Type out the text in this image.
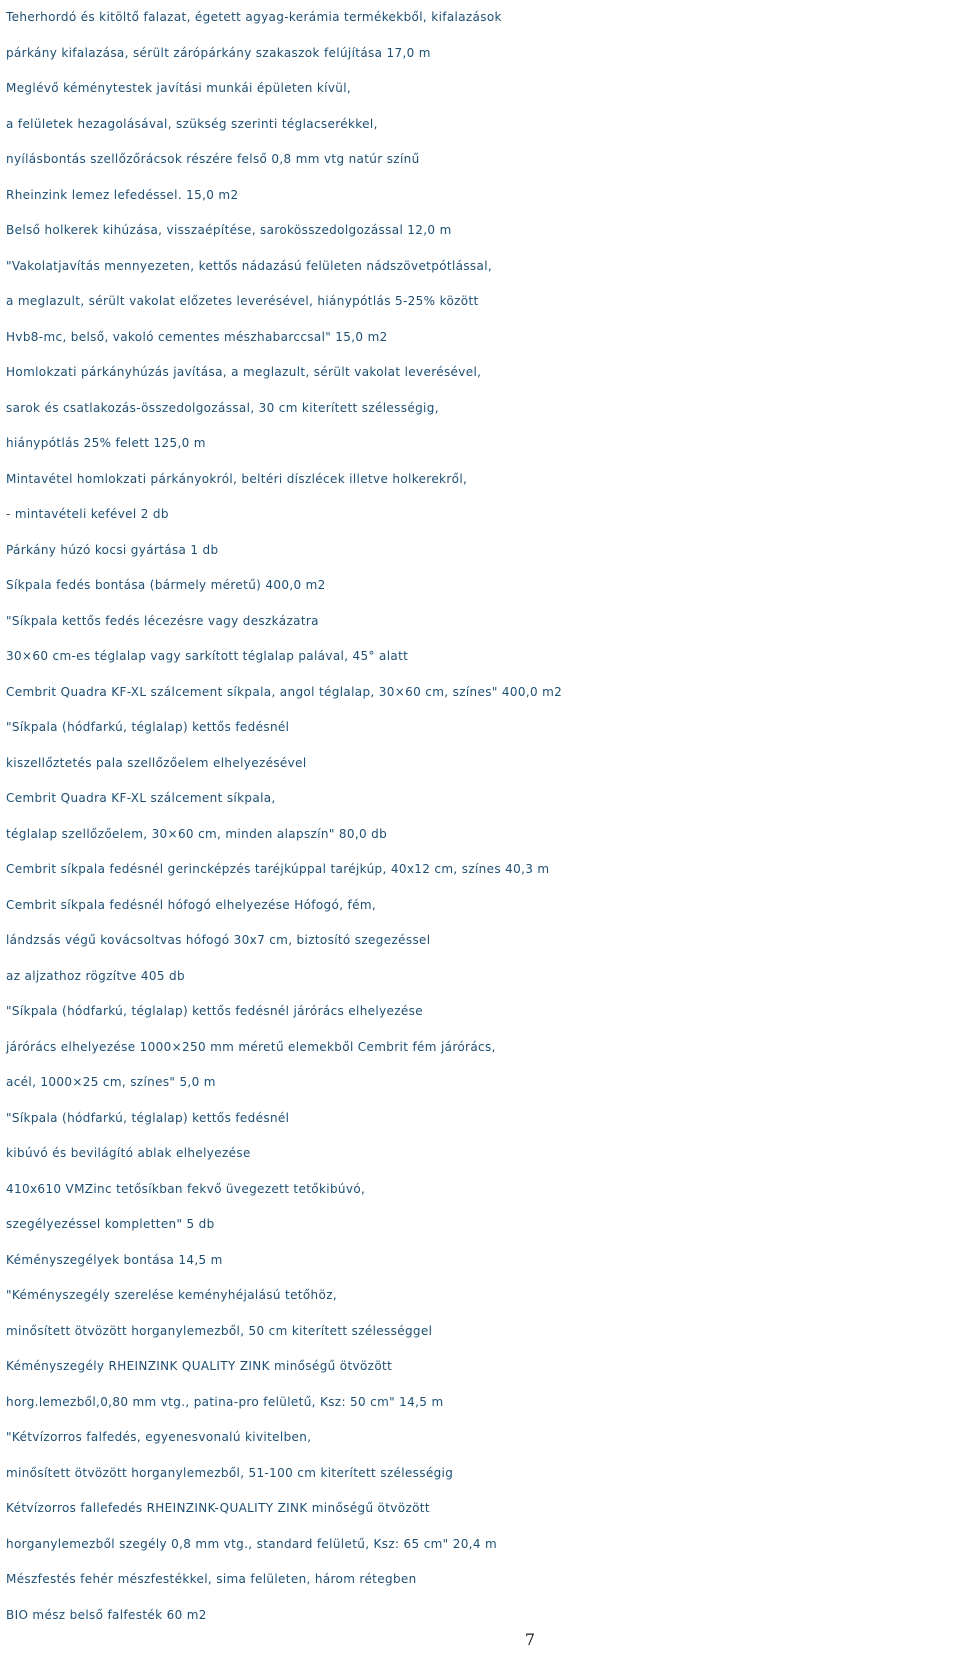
Teherhordó és kitöltő falazat, égetett agyag-kerámia termékekből, kifalazások
párkány kifalazása, sérült zárópárkány szakaszok felújítása 17,0 m
Meglévő kéménytestek javítási munkái épületen kívül,
a felületek hezagolásával, szükség szerinti téglacserékkel,
nyílásbontás szellőzőrácsok részére felső 0,8 mm vtg natúr színű
Rheinzink lemez lefedéssel. 15,0 m2
Belső holkerek kihúzása, visszaépítése, sarokösszedolgozással 12,0 m
"Vakolatjavítás mennyezeten, kettős nádazású felületen nádszövetpótlással,
a meglazult, sérült vakolat előzetes leverésével, hiánypótlás 5-25% között
Hvb8-mc, belső, vakoló cementes mészhabarccsal" 15,0 m2
Homlokzati párkányhúzás javítása, a meglazult, sérült vakolat leverésével,
sarok és csatlakozás-összedolgozással, 30 cm kiterített szélességig,
hiánypótlás 25% felett 125,0 m
Mintavétel homlokzati párkányokról, beltéri díszlécek illetve holkerekről,
- mintavételi kefével 2 db
Párkány húzó kocsi gyártása 1 db
Síkpala fedés bontása (bármely méretű) 400,0 m2
"Síkpala kettős fedés lécezésre vagy deszkázatra
30×60 cm-es téglalap vagy sarkított téglalap palával, 45° alatt
Cembrit Quadra KF-XL szálcement síkpala, angol téglalap, 30×60 cm, színes" 400,0 m2
"Síkpala (hódfarkú, téglalap) kettős fedésnél
kiszellőztetés pala szellőzőelem elhelyezésével
Cembrit Quadra KF-XL szálcement síkpala,
téglalap szellőzőelem, 30×60 cm, minden alapszín" 80,0 db
Cembrit síkpala fedésnél gerincképzés taréjkúppal taréjkúp, 40x12 cm, színes 40,3 m
Cembrit síkpala fedésnél hófogó elhelyezése Hófogó, fém,
lándzsás végű kovácsoltvas hófogó 30x7 cm, biztosító szegezéssel
az aljzathoz rögzítve 405 db
"Síkpala (hódfarkú, téglalap) kettős fedésnél járórács elhelyezése
járórács elhelyezése 1000×250 mm méretű elemekből Cembrit fém járórács,
acél, 1000×25 cm, színes" 5,0 m
"Síkpala (hódfarkú, téglalap) kettős fedésnél
kibúvó és bevilágító ablak elhelyezése
410x610 VMZinc tetősíkban fekvő üvegezett tetőkibúvó,
szegélyezéssel kompletten" 5 db
Kéményszegélyek bontása 14,5 m
"Kéményszegély szerelése keményhéjalású tetőhöz,
minősített ötvözött horganylemezből, 50 cm kiterített szélességgel
Kéményszegély RHEINZINK QUALITY ZINK minőségű ötvözött
horg.lemezből,0,80 mm vtg., patina-pro felületű, Ksz: 50 cm" 14,5 m
"Kétvízorros falfedés, egyenesvonalú kivitelben,
minősített ötvözött horganylemezből, 51-100 cm kiterített szélességig
Kétvízorros fallefedés RHEINZINK-QUALITY ZINK minőségű ötvözött
horganylemezből szegély 0,8 mm vtg., standard felületű, Ksz: 65 cm" 20,4 m
Mészfestés fehér mészfestékkel, sima felületen, három rétegben
BIO mész belső falfesték 60 m2
7
